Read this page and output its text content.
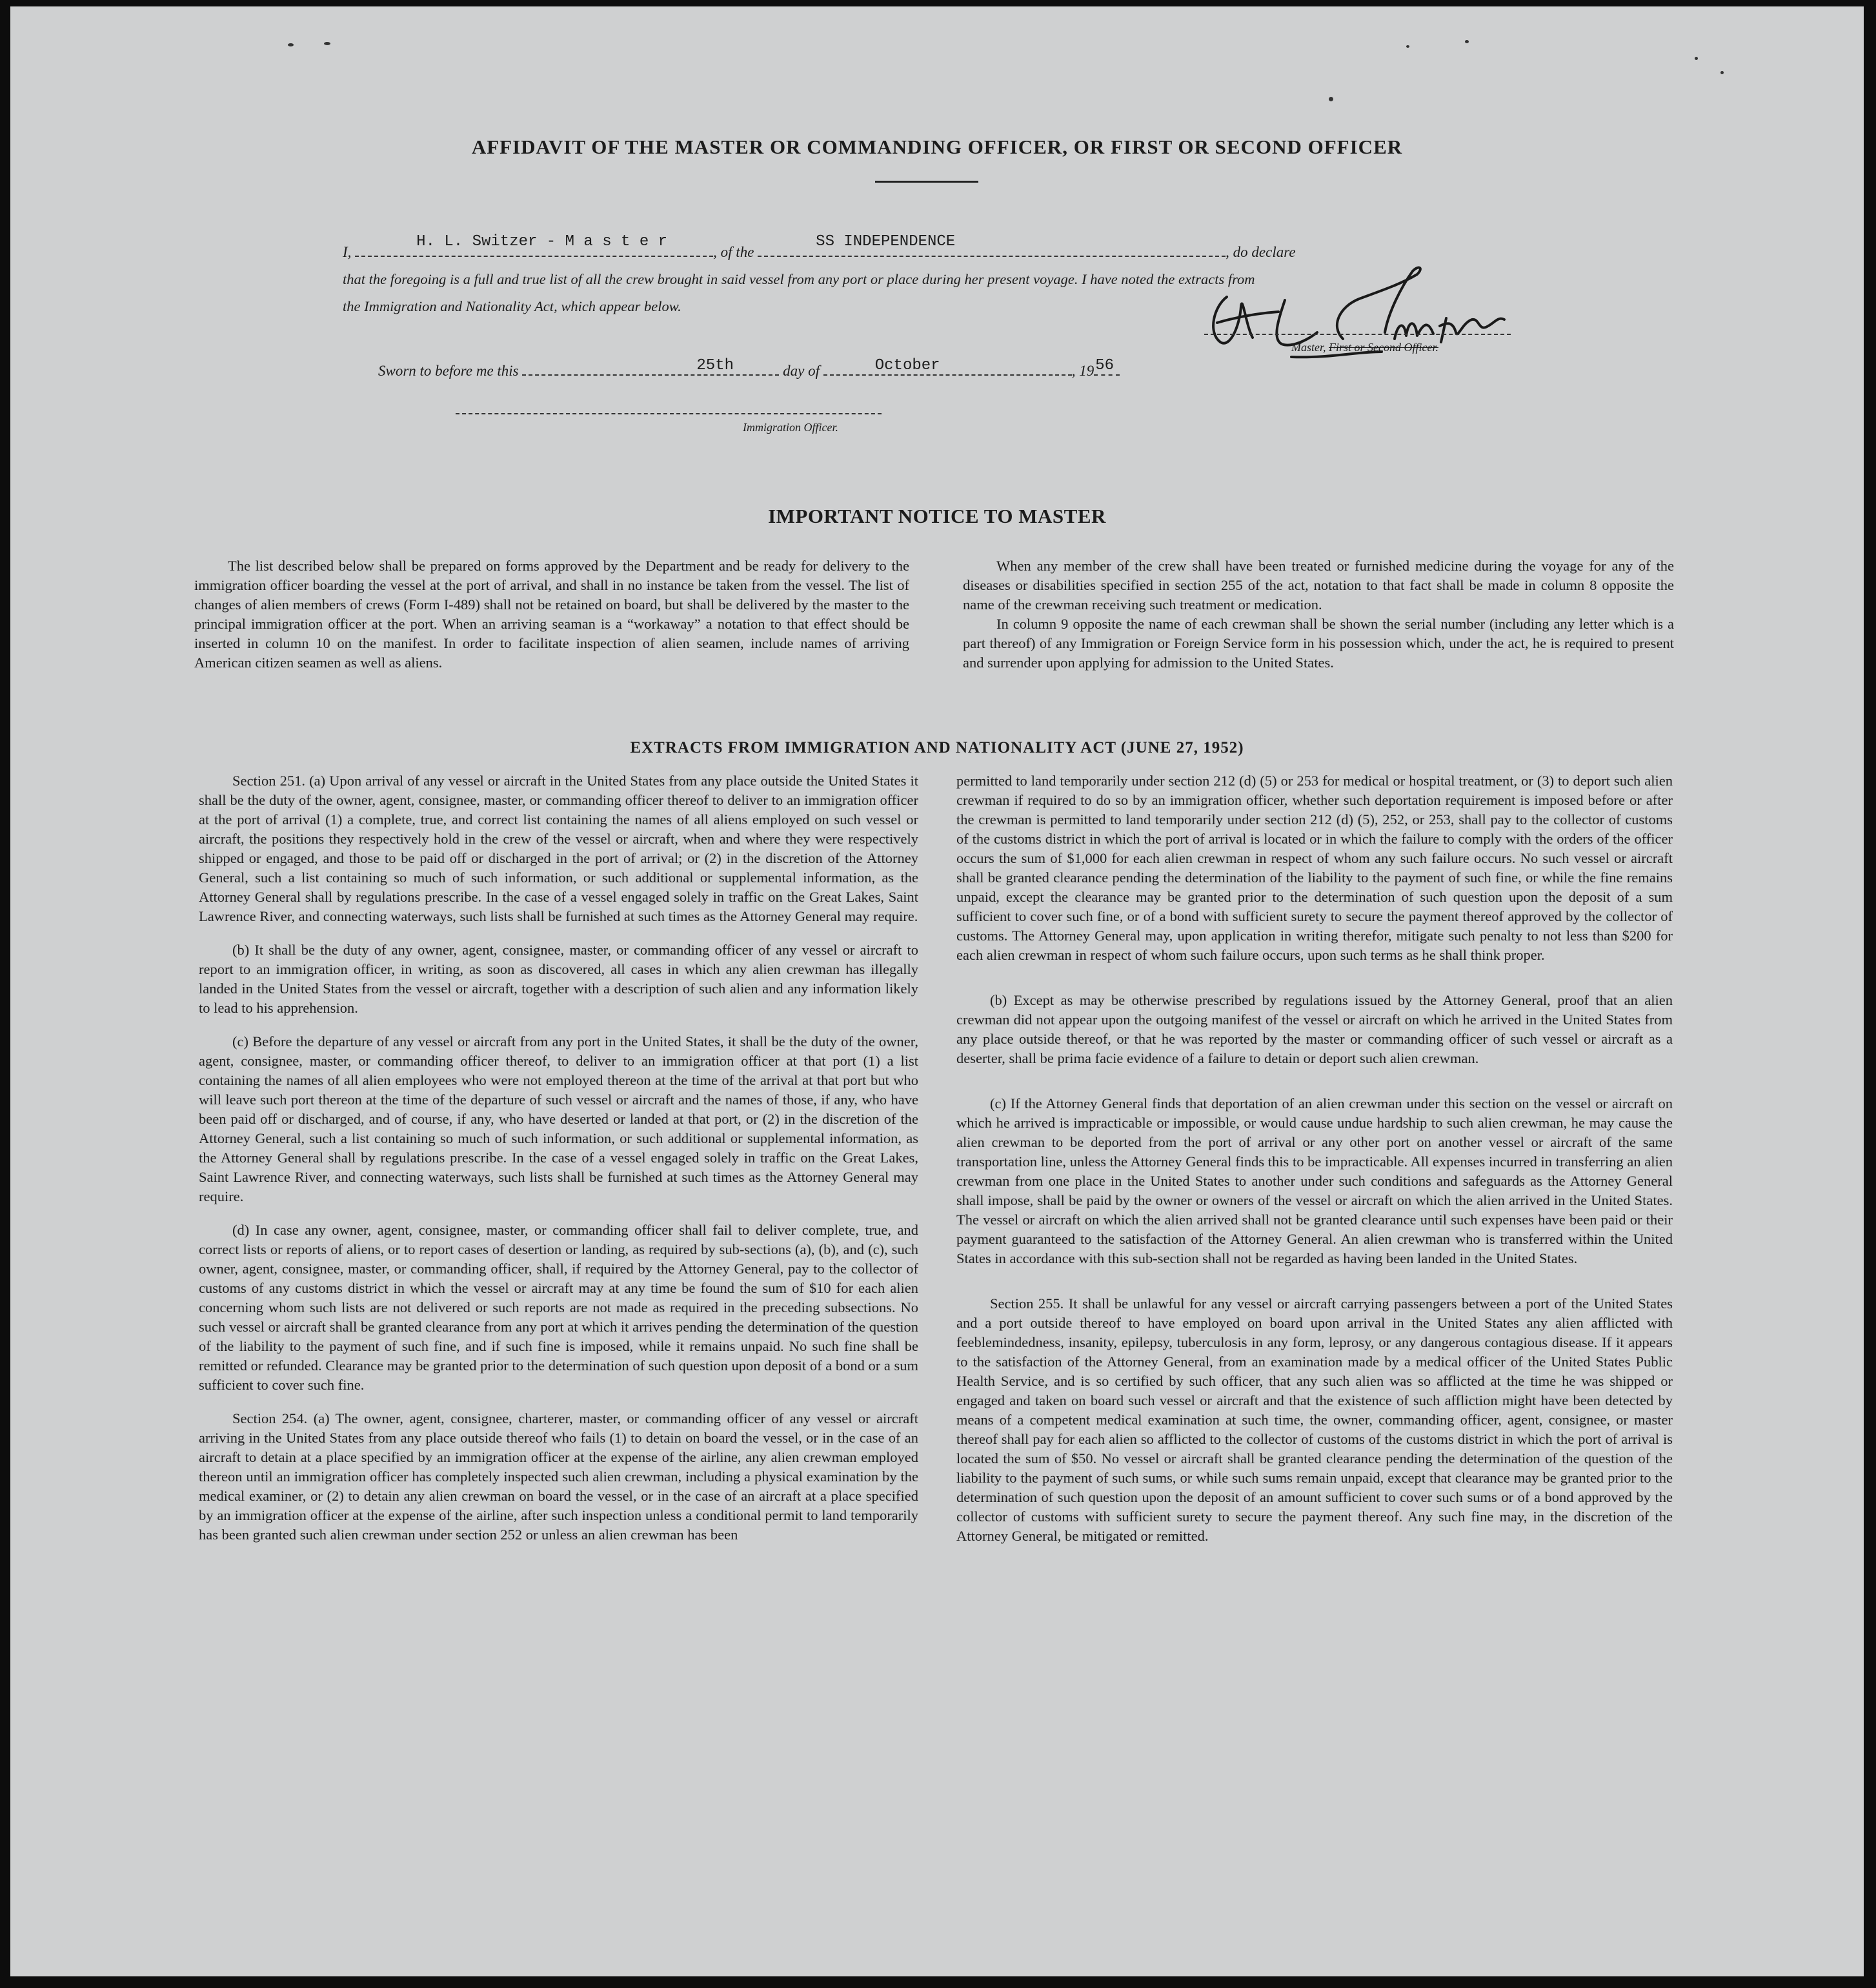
AFFIDAVIT OF THE MASTER OR COMMANDING OFFICER, OR FIRST OR SECOND OFFICER
I,
H. L. Switzer - M a s t e r
, of the
SS INDEPENDENCE
, do declare
that the foregoing is a full and true list of all the crew brought in said vessel from any port or place during her present voyage. I have noted the extracts from
the Immigration and Nationality Act, which appear below.
Master, First or Second Officer.
Sworn to before me this	25th	day of	October	, 19 56
Immigration Officer.
IMPORTANT NOTICE TO MASTER

The list described below shall be prepared on forms approved by the Department and be ready for delivery to the immigration officer boarding the vessel at the port of arrival, and shall in no instance be taken from the vessel. The list of changes of alien members of crews (Form I-489) shall not be retained on board, but shall be delivered by the master to the principal immigration officer at the port. When an arriving seaman is a “workaway” a notation to that effect should be inserted in column 10 on the manifest. In order to facilitate inspection of alien seamen, include names of arriving American citizen seamen as well as aliens.

When any member of the crew shall have been treated or furnished medicine during the voyage for any of the diseases or disabilities specified in section 255 of the act, notation to that fact shall be made in column 8 opposite the name of the crewman receiving such treatment or medication.

In column 9 opposite the name of each crewman shall be shown the serial number (including any letter which is a part thereof) of any Immigration or Foreign Service form in his possession which, under the act, he is required to present and surrender upon applying for admission to the United States.

EXTRACTS FROM IMMIGRATION AND NATIONALITY ACT (JUNE 27, 1952)

Section 251. (a) Upon arrival of any vessel or aircraft in the United States from any place outside the United States it shall be the duty of the owner, agent, consignee, master, or commanding officer thereof to deliver to an immigration officer at the port of arrival (1) a complete, true, and correct list containing the names of all aliens employed on such vessel or aircraft, the positions they respectively hold in the crew of the vessel or aircraft, when and where they were respectively shipped or engaged, and those to be paid off or discharged in the port of arrival; or (2) in the discretion of the Attorney General, such a list containing so much of such information, or such additional or supplemental information, as the Attorney General shall by regulations prescribe. In the case of a vessel engaged solely in traffic on the Great Lakes, Saint Lawrence River, and connecting waterways, such lists shall be furnished at such times as the Attorney General may require.

(b) It shall be the duty of any owner, agent, consignee, master, or commanding officer of any vessel or aircraft to report to an immigration officer, in writing, as soon as discovered, all cases in which any alien crewman has illegally landed in the United States from the vessel or aircraft, together with a description of such alien and any information likely to lead to his apprehension.

(c) Before the departure of any vessel or aircraft from any port in the United States, it shall be the duty of the owner, agent, consignee, master, or commanding officer thereof, to deliver to an immigration officer at that port (1) a list containing the names of all alien employees who were not employed thereon at the time of the arrival at that port but who will leave such port thereon at the time of the departure of such vessel or aircraft and the names of those, if any, who have been paid off or discharged, and of course, if any, who have deserted or landed at that port, or (2) in the discretion of the Attorney General, such a list containing so much of such information, or such additional or supplemental information, as the Attorney General shall by regulations prescribe. In the case of a vessel engaged solely in traffic on the Great Lakes, Saint Lawrence River, and connecting waterways, such lists shall be furnished at such times as the Attorney General may require.

(d) In case any owner, agent, consignee, master, or commanding officer shall fail to deliver complete, true, and correct lists or reports of aliens, or to report cases of desertion or landing, as required by sub-sections (a), (b), and (c), such owner, agent, consignee, master, or commanding officer, shall, if required by the Attorney General, pay to the collector of customs of any customs district in which the vessel or aircraft may at any time be found the sum of $10 for each alien concerning whom such lists are not delivered or such reports are not made as required in the preceding subsections. No such vessel or aircraft shall be granted clearance from any port at which it arrives pending the determination of the question of the liability to the payment of such fine, and if such fine is imposed, while it remains unpaid. No such fine shall be remitted or refunded. Clearance may be granted prior to the determination of such question upon deposit of a bond or a sum sufficient to cover such fine.

Section 254. (a) The owner, agent, consignee, charterer, master, or commanding officer of any vessel or aircraft arriving in the United States from any place outside thereof who fails (1) to detain on board the vessel, or in the case of an aircraft to detain at a place specified by an immigration officer at the expense of the airline, any alien crewman employed thereon until an immigration officer has completely inspected such alien crewman, including a physical examination by the medical examiner, or (2) to detain any alien crewman on board the vessel, or in the case of an aircraft at a place specified by an immigration officer at the expense of the airline, after such inspection unless a conditional permit to land temporarily has been granted such alien crewman under section 252 or unless an alien crewman has been

permitted to land temporarily under section 212 (d) (5) or 253 for medical or hospital treatment, or (3) to deport such alien crewman if required to do so by an immigration officer, whether such deportation requirement is imposed before or after the crewman is permitted to land temporarily under section 212 (d) (5), 252, or 253, shall pay to the collector of customs of the customs district in which the port of arrival is located or in which the failure to comply with the orders of the officer occurs the sum of $1,000 for each alien crewman in respect of whom any such failure occurs. No such vessel or aircraft shall be granted clearance pending the determination of the liability to the payment of such fine, or while the fine remains unpaid, except the clearance may be granted prior to the determination of such question upon the deposit of a sum sufficient to cover such fine, or of a bond with sufficient surety to secure the payment thereof approved by the collector of customs. The Attorney General may, upon application in writing therefor, mitigate such penalty to not less than $200 for each alien crewman in respect of whom such failure occurs, upon such terms as he shall think proper.

(b) Except as may be otherwise prescribed by regulations issued by the Attorney General, proof that an alien crewman did not appear upon the outgoing manifest of the vessel or aircraft on which he arrived in the United States from any place outside thereof, or that he was reported by the master or commanding officer of such vessel or aircraft as a deserter, shall be prima facie evidence of a failure to detain or deport such alien crewman.

(c) If the Attorney General finds that deportation of an alien crewman under this section on the vessel or aircraft on which he arrived is impracticable or impossible, or would cause undue hardship to such alien crewman, he may cause the alien crewman to be deported from the port of arrival or any other port on another vessel or aircraft of the same transportation line, unless the Attorney General finds this to be impracticable. All expenses incurred in transferring an alien crewman from one place in the United States to another under such conditions and safeguards as the Attorney General shall impose, shall be paid by the owner or owners of the vessel or aircraft on which the alien arrived in the United States. The vessel or aircraft on which the alien arrived shall not be granted clearance until such expenses have been paid or their payment guaranteed to the satisfaction of the Attorney General. An alien crewman who is transferred within the United States in accordance with this sub-section shall not be regarded as having been landed in the United States.

Section 255. It shall be unlawful for any vessel or aircraft carrying passengers between a port of the United States and a port outside thereof to have employed on board upon arrival in the United States any alien afflicted with feeblemindedness, insanity, epilepsy, tuberculosis in any form, leprosy, or any dangerous contagious disease. If it appears to the satisfaction of the Attorney General, from an examination made by a medical officer of the United States Public Health Service, and is so certified by such officer, that any such alien was so afflicted at the time he was shipped or engaged and taken on board such vessel or aircraft and that the existence of such affliction might have been detected by means of a competent medical examination at such time, the owner, commanding officer, agent, consignee, or master thereof shall pay for each alien so afflicted to the collector of customs of the customs district in which the port of arrival is located the sum of $50. No vessel or aircraft shall be granted clearance pending the determination of the question of the liability to the payment of such sums, or while such sums remain unpaid, except that clearance may be granted prior to the determination of such question upon the deposit of an amount sufficient to cover such sums or of a bond approved by the collector of customs with sufficient surety to secure the payment thereof. Any such fine may, in the discretion of the Attorney General, be mitigated or remitted.
